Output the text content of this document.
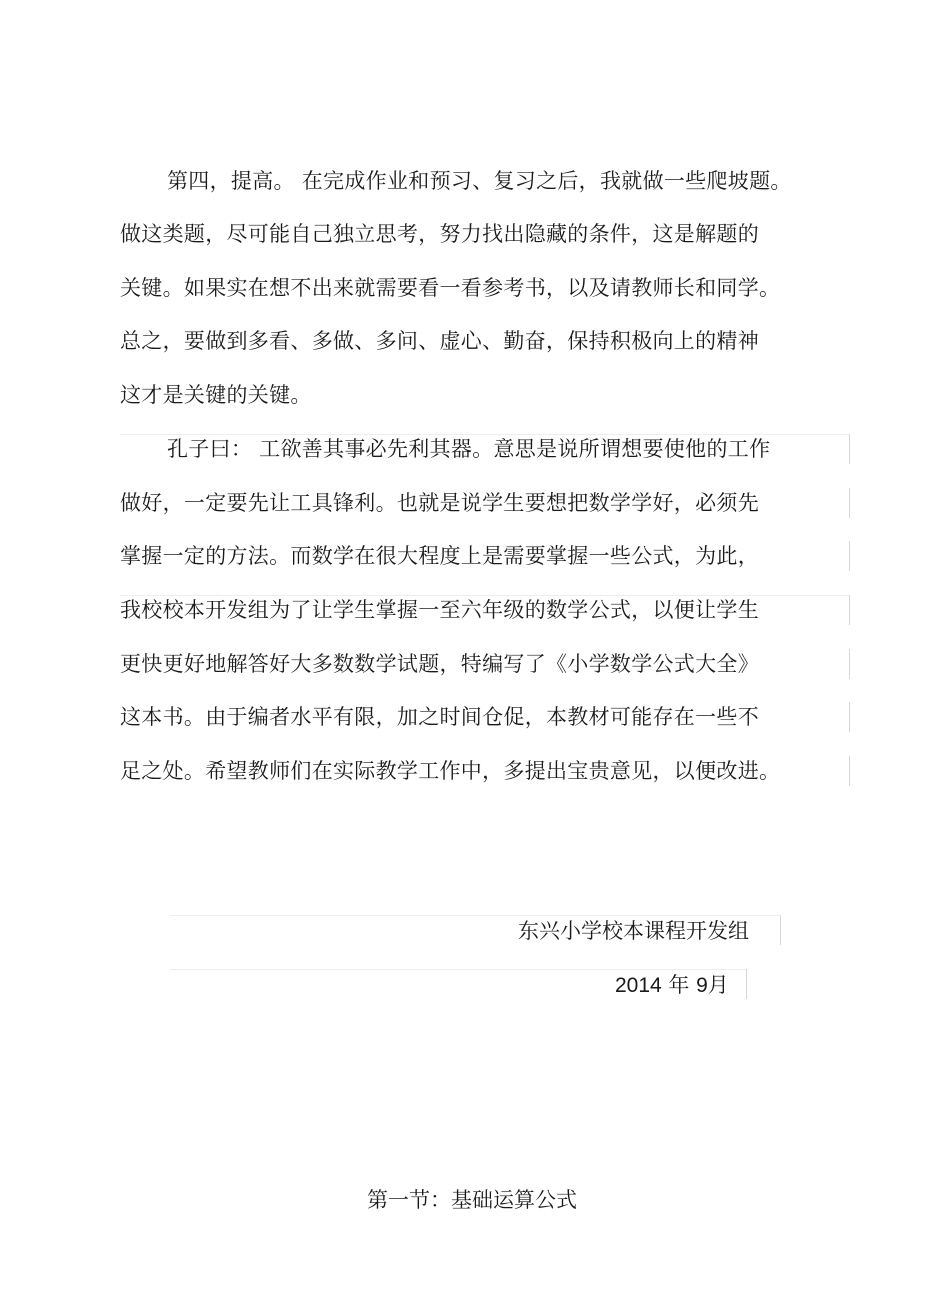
第四，提高。 在完成作业和预习、复习之后，我就做一些爬坡题。
做这类题，尽可能自己独立思考，努力找出隐藏的条件，这是解题的
关键。如果实在想不出来就需要看一看参考书，以及请教师长和同学。
总之，要做到多看、多做、多问、虚心、勤奋，保持积极向上的精神
这才是关键的关键。
孔子曰： 工欲善其事必先利其器。意思是说所谓想要使他的工作
做好，一定要先让工具锋利。也就是说学生要想把数学学好，必须先
掌握一定的方法。而数学在很大程度上是需要掌握一些公式，为此，
我校校本开发组为了让学生掌握一至六年级的数学公式，以便让学生
更快更好地解答好大多数数学试题，特编写了《小学数学公式大全》
这本书。由于编者水平有限，加之时间仓促，本教材可能存在一些不
足之处。希望教师们在实际教学工作中，多提出宝贵意见，以便改进。
东兴小学校本课程开发组
2014 年 9月
第一节：基础运算公式
